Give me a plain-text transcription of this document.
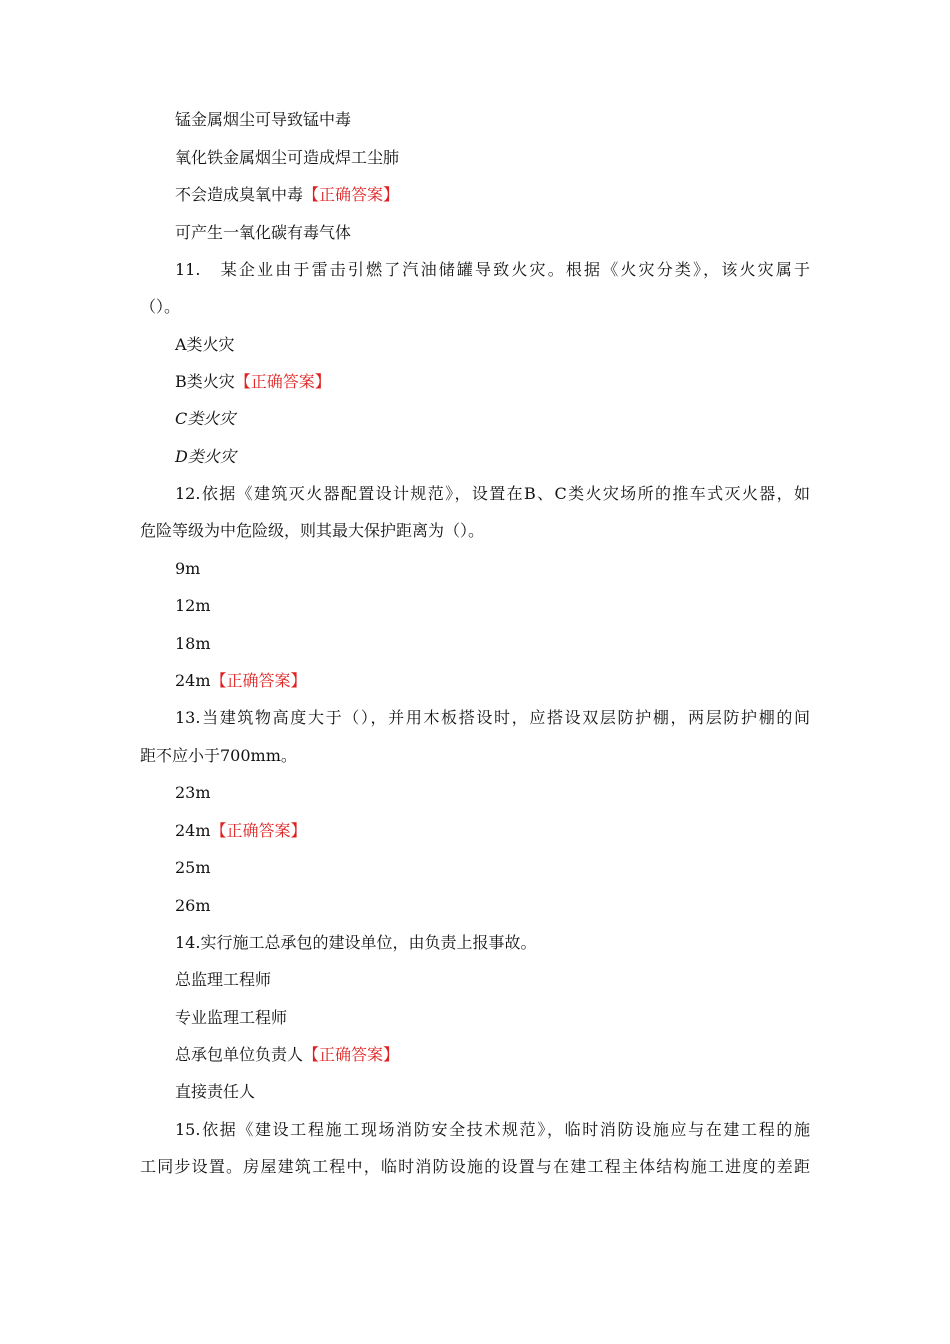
锰金属烟尘可导致锰中毒
氧化铁金属烟尘可造成焊工尘肺
不会造成臭氧中毒【正确答案】
可产生一氧化碳有毒气体
11.　某企业由于雷击引燃了汽油储罐导致火灾。根据《火灾分类》，该火灾属于
（）。
A类火灾
B类火灾【正确答案】
C类火灾
D类火灾
12.依据《建筑灭火器配置设计规范》，设置在B、C类火灾场所的推车式灭火器，如
危险等级为中危险级，则其最大保护距离为（）。
9m
12m
18m
24m【正确答案】
13.当建筑物高度大于（），并用木板搭设时，应搭设双层防护棚，两层防护棚的间
距不应小于700mm。
23m
24m【正确答案】
25m
26m
14.实行施工总承包的建设单位，由负责上报事故。
总监理工程师
专业监理工程师
总承包单位负责人【正确答案】
直接责任人
15.依据《建设工程施工现场消防安全技术规范》，临时消防设施应与在建工程的施
工同步设置。房屋建筑工程中，临时消防设施的设置与在建工程主体结构施工进度的差距
